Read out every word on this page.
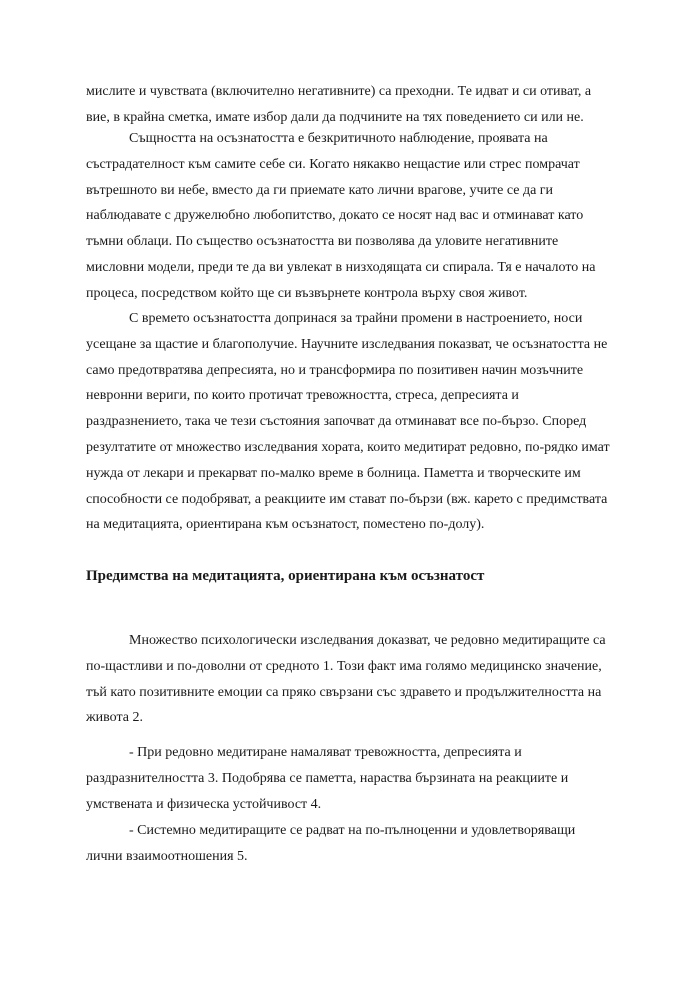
мислите и чувствата (включително негативните) са преходни. Те идват и си отиват, а
вие, в крайна сметка, имате избор дали да подчините на тях поведението си или не.
Същността на осъзнатостта е безкритичното наблюдение, проявата на
състрадателност към самите себе си. Когато някакво нещастие или стрес помрачат
вътрешното ви небе, вместо да ги приемате като лични врагове, учите се да ги
наблюдавате с дружелюбно любопитство, докато се носят над вас и отминават като
тъмни облаци. По същество осъзнатостта ви позволява да уловите негативните
мисловни модели, преди те да ви увлекат в низходящата си спирала. Тя е началото на
процеса, посредством който ще си възвърнете контрола върху своя живот.
С времето осъзнатостта допринася за трайни промени в настроението, носи
усещане за щастие и благополучие. Научните изследвания показват, че осъзнатостта не
само предотвратява депресията, но и трансформира по позитивен начин мозъчните
невронни вериги, по които протичат тревожността, стреса, депресията и
раздразнението, така че тези състояния започват да отминават все по-бързо. Според
резултатите от множество изследвания хората, които медитират редовно, по-рядко имат
нужда от лекари и прекарват по-малко време в болница. Паметта и творческите им
способности се подобряват, а реакциите им стават по-бързи (вж. карето с предимствата
на медитацията, ориентирана към осъзнатост, поместено по-долу).
Предимства на медитацията, ориентирана към осъзнатост
Множество психологически изследвания доказват, че редовно медитиращите са
по-щастливи и по-доволни от средното 1. Този факт има голямо медицинско значение,
тъй като позитивните емоции са пряко свързани със здравето и продължителността на
живота 2.
- При редовно медитиране намаляват тревожността, депресията и
раздразнителността 3. Подобрява се паметта, нараства бързината на реакциите и
умствената и физическа устойчивост 4.
- Системно медитиращите се радват на по-пълноценни и удовлетворяващи
лични взаимоотношения 5.
